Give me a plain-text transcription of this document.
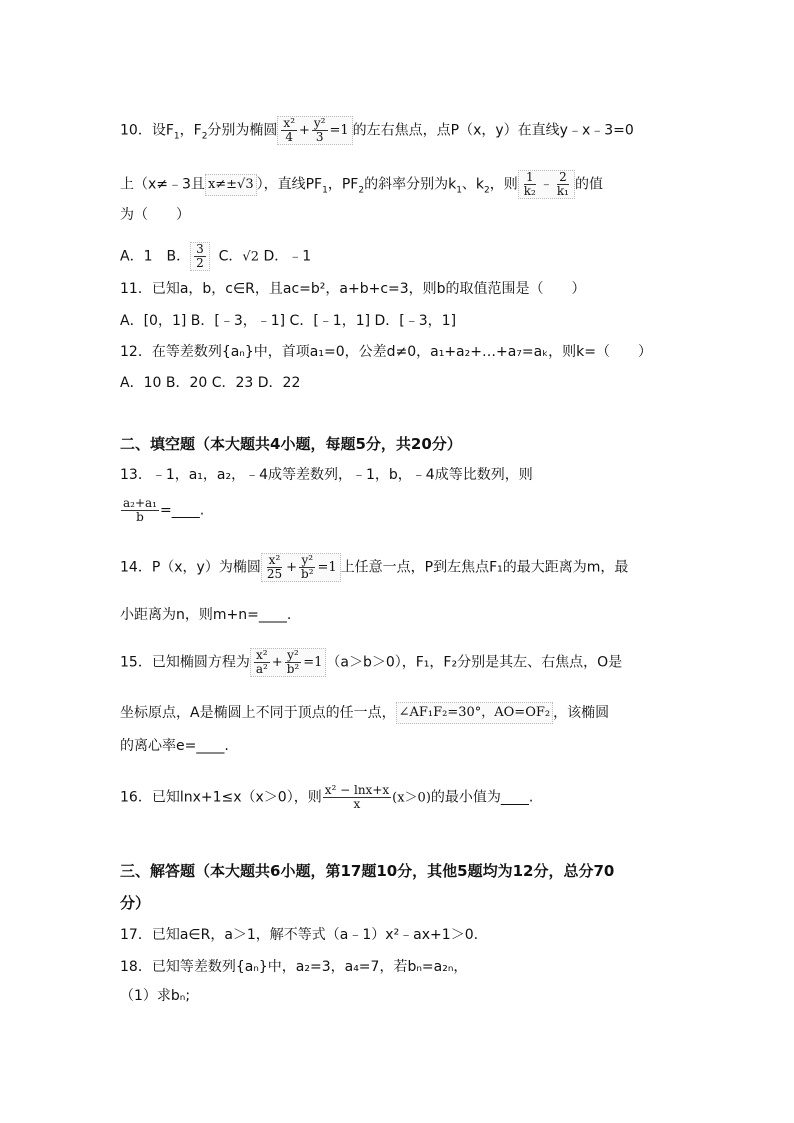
10．设$F_1$，$F_2$分别为椭圆 $\frac{\text{x²}}{4} + \frac{\text{y²}}{3} =1$ 的左右焦点，点P（x，y）在直线y﹣x﹣3=0
上（x≠﹣3且 x≠±√3 ），直线$PF_1$，$PF_2$的斜率分别为$k_1$、$k_2$，则 $\frac{1}{\text{k₂}}$ ﹣ $\frac{2}{\text{k₁}}$ 的值
为（　　）
A．1　B． $\frac{3}{2}$ C．√2 D．﹣1
11．已知a，b，c∈R，且ac=b²，a+b+c=3，则b的取值范围是（　　）
A．[0，1] B．[﹣3，﹣1] C．[﹣1，1] D．[﹣3，1]
12．在等差数列{aₙ}中，首项a₁=0，公差d≠0，a₁+a₂+…+a₇=aₖ，则k=（　　）
A．10 B．20 C．23 D．22
二、填空题（本大题共4小题，每题5分，共20分）
13．﹣1，a₁，a₂，﹣4成等差数列，﹣1，b，﹣4成等比数列，则
$\frac{\text{a₂+a₁}}{b}$ =____.
14．P（x，y）为椭圆 $\frac{\text{x²}}{25} + \frac{\text{y²}}{\text{b²}} =1$ 上任意一点，P到左焦点F₁的最大距离为m，最
小距离为n，则m+n=____.
15．已知椭圆方程为 $\frac{\text{x²}}{\text{a²}} + \frac{\text{y²}}{\text{b²}} =1$ （a＞b＞0），F₁，F₂分别是其左、右焦点，O是
坐标原点，A是椭圆上不同于顶点的任一点， ∠AF₁F₂=30°，AO=OF₂ ，该椭圆
的离心率e=____.
16．已知lnx+1≤x（x＞0），则 $\frac{\text{x² − lnx+x}}{x} (x>0)$的最小值为____.
三、解答题（本大题共6小题，第17题10分，其他5题均为12分，总分70
分）
17．已知a∈R，a＞1，解不等式（a﹣1）x²﹣ax+1＞0.
18．已知等差数列{aₙ}中，a₂=3，a₄=7，若bₙ=a₂ₙ，
（1）求bₙ;
